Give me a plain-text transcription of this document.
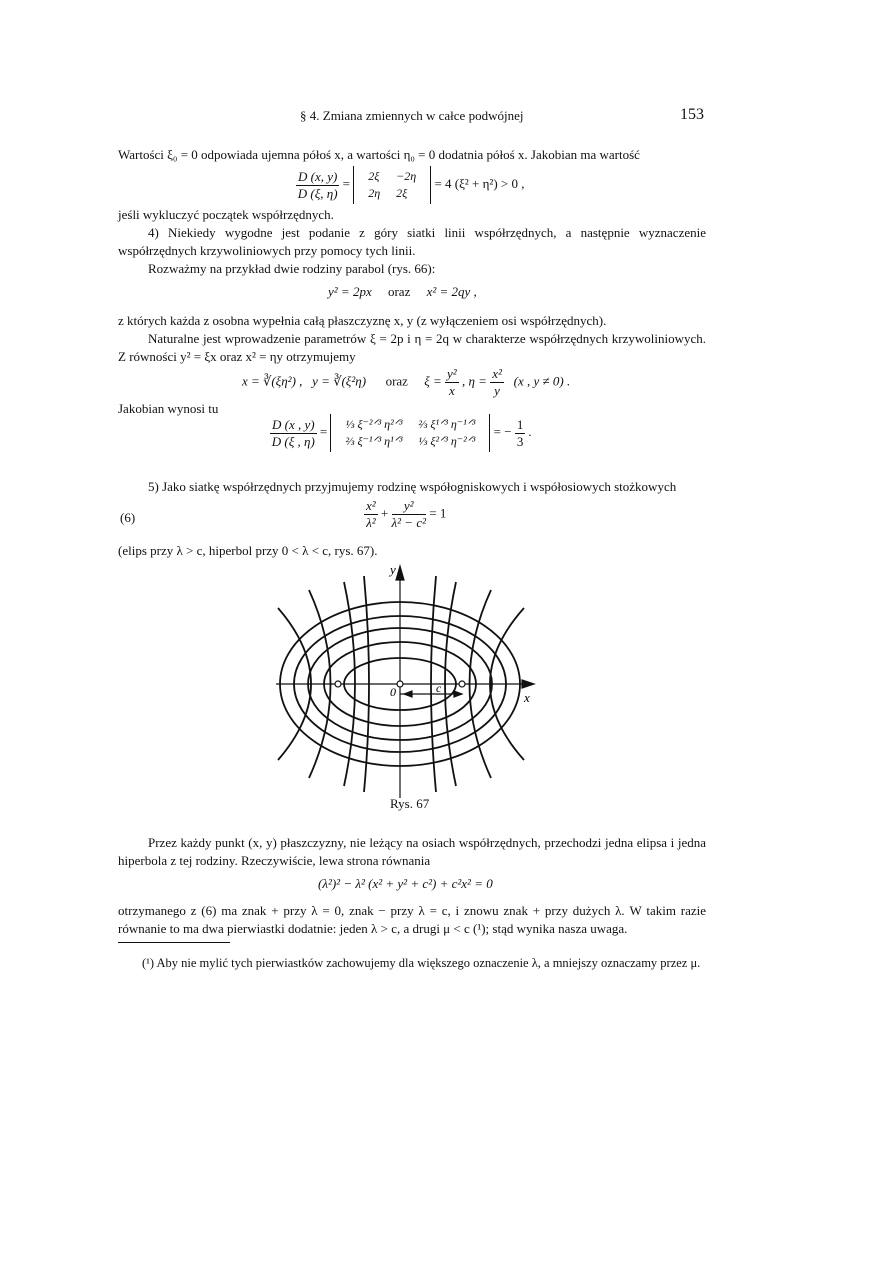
§ 4. Zmiana zmiennych w całce podwójnej	153
Wartości ξ₀ = 0 odpowiada ujemna półoś x, a wartości η₀ = 0 dodatnia półoś x. Jakobian ma wartość
$\frac{D (x, y)}{D (\xi, \eta)} = 2\xi$	−2η
2η	2ξ
= 4 (ξ² + η²) > 0 ,
jeśli wykluczyć początek współrzędnych.
4) Niekiedy wygodne jest podanie z góry siatki linii współrzędnych, a następnie wyznaczenie współrzędnych krzywoliniowych przy pomocy tych linii.
Rozważmy na przykład dwie rodziny parabol (rys. 66):
y² = 2px oraz x² = 2qy ,
z których każda z osobna wypełnia całą płaszczyznę x, y (z wyłączeniem osi współrzędnych).
Naturalne jest wprowadzenie parametrów ξ = 2p i η = 2q w charakterze współrzędnych krzywoliniowych. Z równości y² = ξx oraz x² = ηy otrzymujemy
x = ∛(ξη²) , y = ∛(ξ²η) oraz $\xi = \frac{\text{y²}}{x}$ , $\eta = \frac{\text{x²}}{y} (x$ , y ≠ 0) .
Jakobian wynosi tu
$\frac{D (x , y)}{D (\xi , \eta)}$ = ⅓ ξ⁻²ᐟ³ η²ᐟ³	⅔ ξ¹ᐟ³ η⁻¹ᐟ³
⅔ ξ⁻¹ᐟ³ η¹ᐟ³	⅓ ξ²ᐟ³ η⁻²ᐟ³
= − $\frac{1}{3}$ .
5) Jako siatkę współrzędnych przyjmujemy rodzinę współogniskowych i współosiowych stożkowych
(6)	$\frac{\text{x²}}{\text{λ²}} + \frac{\text{y²}}{\text{λ² − c²}} = 1$
(elips przy λ > c, hiperbol przy 0 < λ < c, rys. 67).
y
x
0	c
Rys. 67
Przez każdy punkt (x, y) płaszczyzny, nie leżący na osiach współrzędnych, przechodzi jedna elipsa i jedna hiperbola z tej rodziny. Rzeczywiście, lewa strona równania
(λ²)² − λ² (x² + y² + c²) + c²x² = 0
otrzymanego z (6) ma znak + przy λ = 0, znak − przy λ = c, i znowu znak + przy dużych λ. W takim razie równanie to ma dwa pierwiastki dodatnie: jeden λ > c, a drugi μ < c (¹); stąd wynika nasza uwaga.
(¹) Aby nie mylić tych pierwiastków zachowujemy dla większego oznaczenie λ, a mniejszy oznaczamy przez μ.
